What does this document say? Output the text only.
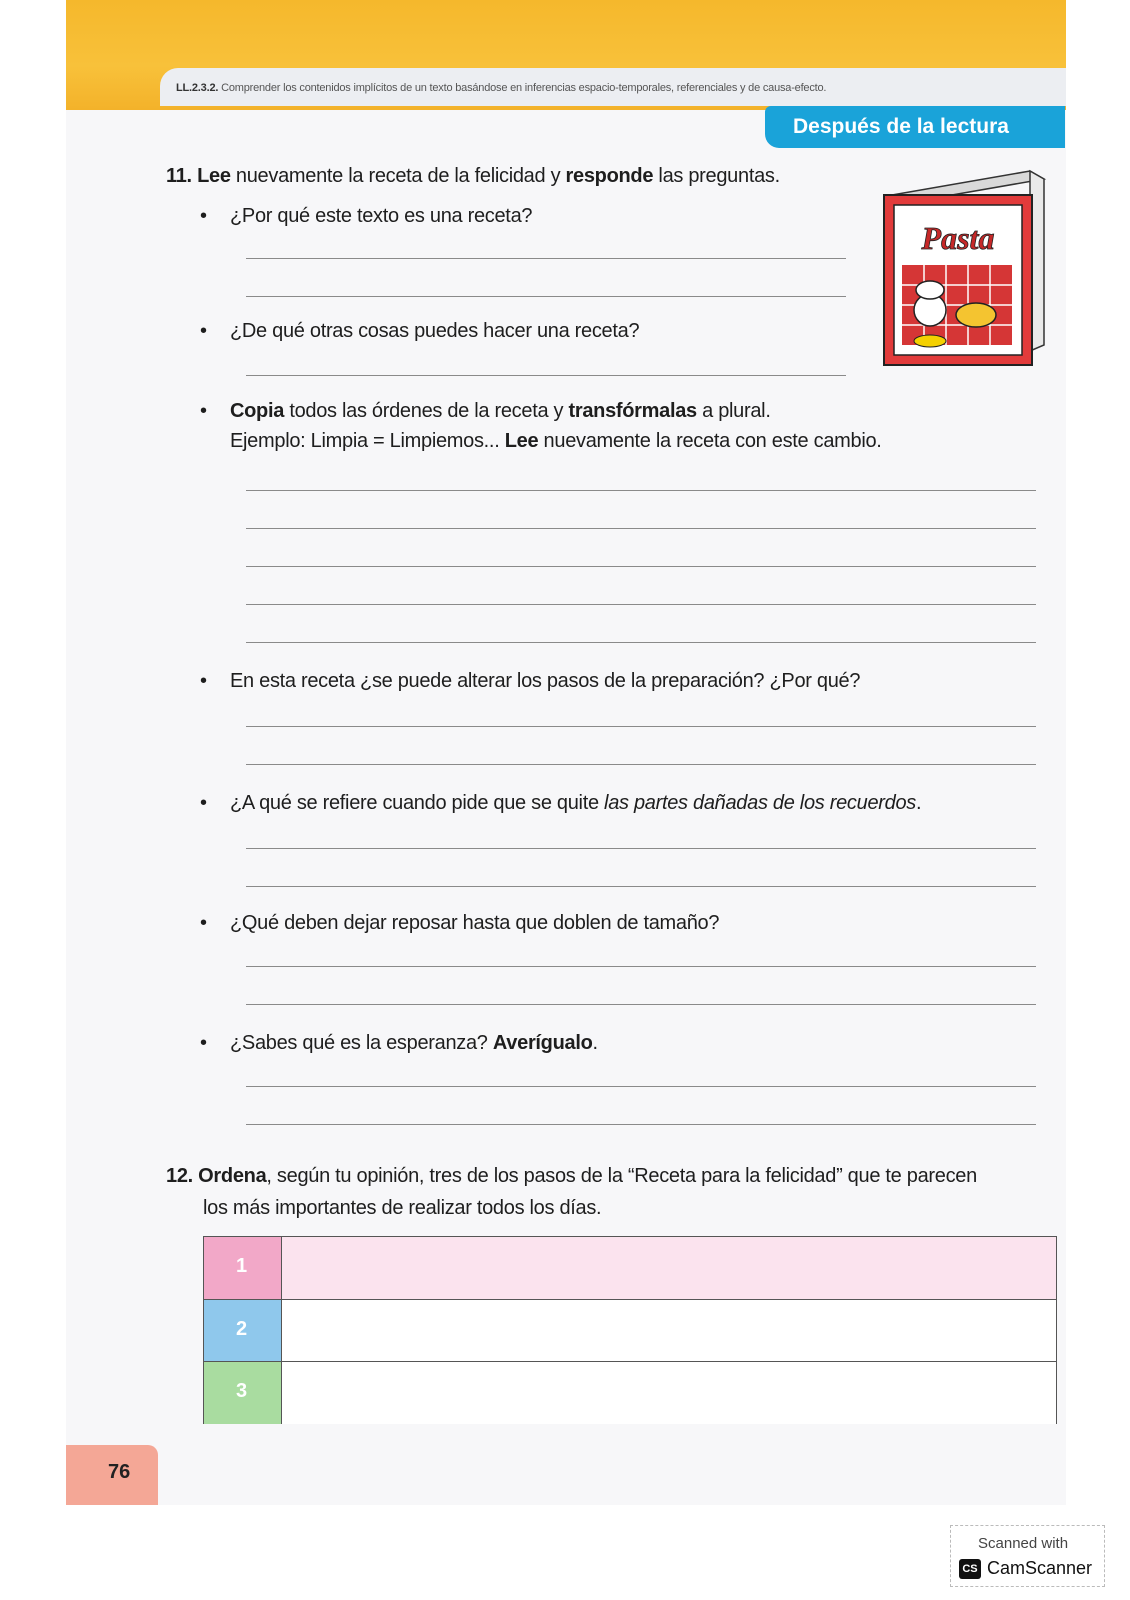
LL.2.3.2. Comprender los contenidos implícitos de un texto basándose en inferencias espacio-temporales, referenciales y de causa-efecto.
Después de la lectura
11. Lee nuevamente la receta de la felicidad y responde las preguntas.
• ¿Por qué este texto es una receta?
• ¿De qué otras cosas puedes hacer una receta?
Pasta
• Copia todos las órdenes de la receta y transfórmalas a plural.
Ejemplo: Limpia = Limpiemos... Lee nuevamente la receta con este cambio.
• En esta receta ¿se puede alterar los pasos de la preparación? ¿Por qué?
• ¿A qué se refiere cuando pide que se quite las partes dañadas de los recuerdos.
• ¿Qué deben dejar reposar hasta que doblen de tamaño?
• ¿Sabes qué es la esperanza? Averígualo.
12. Ordena, según tu opinión, tres de los pasos de la “Receta para la felicidad” que te parecen
los más importantes de realizar todos los días.
1
2
3
76
Scanned with
CS CamScanner
